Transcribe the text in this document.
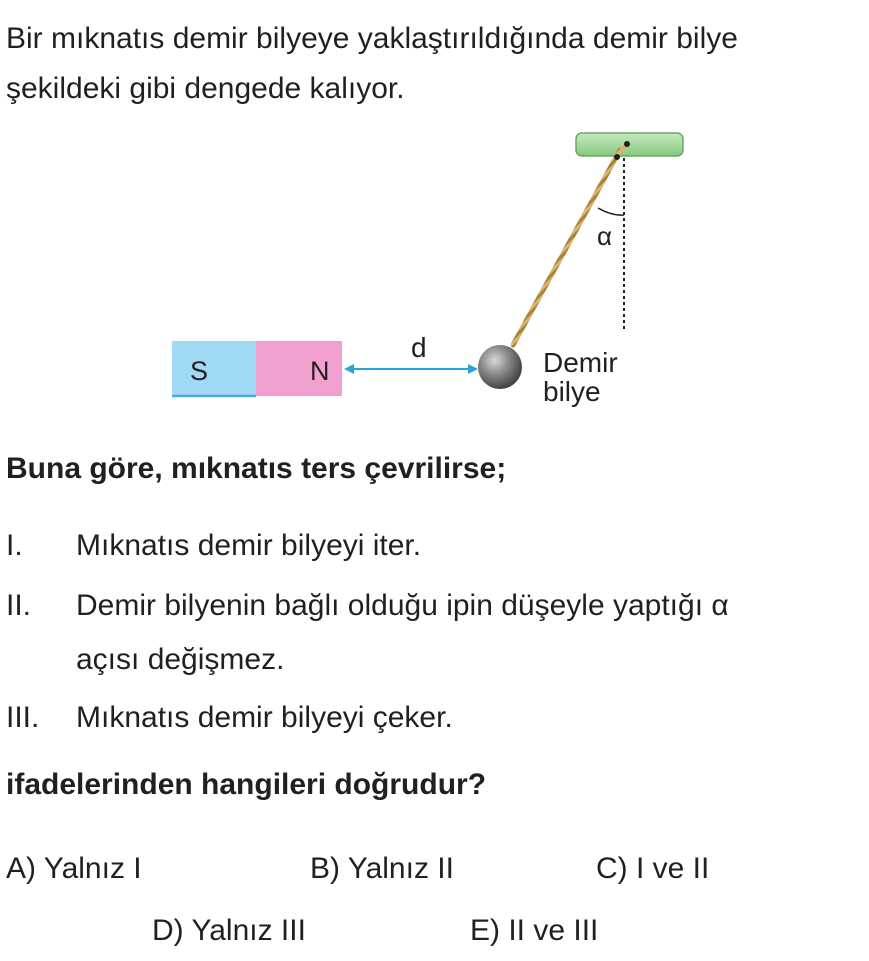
Bir mıknatıs demir bilyeye yaklaştırıldığında demir bilye
şekildeki gibi dengede kalıyor.
α
Demir
bilye
S	N
d

Buna göre, mıknatıs ters çevrilirse;

I. Mıknatıs demir bilyeyi iter.
II. Demir bilyenin bağlı olduğu ipin düşeyle yaptığı α
açısı değişmez.
III. Mıknatıs demir bilyeyi çeker.

ifadelerinden hangileri doğrudur?

A) Yalnız I	B) Yalnız II	C) I ve II
D) Yalnız III	E) II ve III
